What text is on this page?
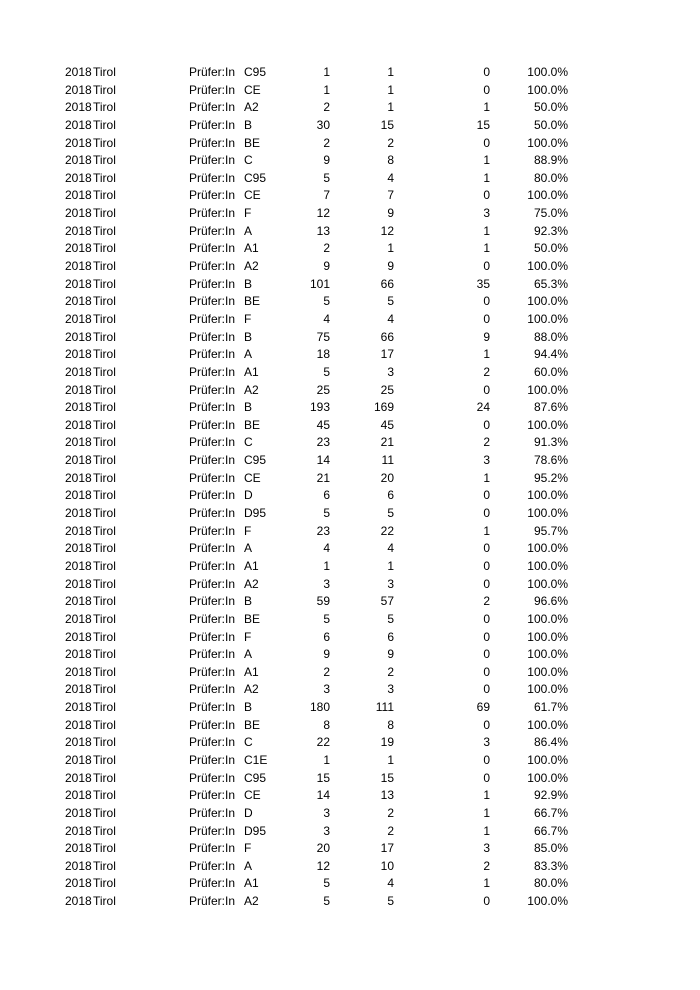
2018 Tirol	Prüfer:In C95	1	1	0	100.0%
2018 Tirol	Prüfer:In CE	1	1	0	100.0%
2018 Tirol	Prüfer:In A2	2	1	1	50.0%
2018 Tirol	Prüfer:In B	30	15	15	50.0%
2018 Tirol	Prüfer:In BE	2	2	0	100.0%
2018 Tirol	Prüfer:In C	9	8	1	88.9%
2018 Tirol	Prüfer:In C95	5	4	1	80.0%
2018 Tirol	Prüfer:In CE	7	7	0	100.0%
2018 Tirol	Prüfer:In F	12	9	3	75.0%
2018 Tirol	Prüfer:In A	13	12	1	92.3%
2018 Tirol	Prüfer:In A1	2	1	1	50.0%
2018 Tirol	Prüfer:In A2	9	9	0	100.0%
2018 Tirol	Prüfer:In B	101	66	35	65.3%
2018 Tirol	Prüfer:In BE	5	5	0	100.0%
2018 Tirol	Prüfer:In F	4	4	0	100.0%
2018 Tirol	Prüfer:In B	75	66	9	88.0%
2018 Tirol	Prüfer:In A	18	17	1	94.4%
2018 Tirol	Prüfer:In A1	5	3	2	60.0%
2018 Tirol	Prüfer:In A2	25	25	0	100.0%
2018 Tirol	Prüfer:In B	193	169	24	87.6%
2018 Tirol	Prüfer:In BE	45	45	0	100.0%
2018 Tirol	Prüfer:In C	23	21	2	91.3%
2018 Tirol	Prüfer:In C95	14	11	3	78.6%
2018 Tirol	Prüfer:In CE	21	20	1	95.2%
2018 Tirol	Prüfer:In D	6	6	0	100.0%
2018 Tirol	Prüfer:In D95	5	5	0	100.0%
2018 Tirol	Prüfer:In F	23	22	1	95.7%
2018 Tirol	Prüfer:In A	4	4	0	100.0%
2018 Tirol	Prüfer:In A1	1	1	0	100.0%
2018 Tirol	Prüfer:In A2	3	3	0	100.0%
2018 Tirol	Prüfer:In B	59	57	2	96.6%
2018 Tirol	Prüfer:In BE	5	5	0	100.0%
2018 Tirol	Prüfer:In F	6	6	0	100.0%
2018 Tirol	Prüfer:In A	9	9	0	100.0%
2018 Tirol	Prüfer:In A1	2	2	0	100.0%
2018 Tirol	Prüfer:In A2	3	3	0	100.0%
2018 Tirol	Prüfer:In B	180	111	69	61.7%
2018 Tirol	Prüfer:In BE	8	8	0	100.0%
2018 Tirol	Prüfer:In C	22	19	3	86.4%
2018 Tirol	Prüfer:In C1E	1	1	0	100.0%
2018 Tirol	Prüfer:In C95	15	15	0	100.0%
2018 Tirol	Prüfer:In CE	14	13	1	92.9%
2018 Tirol	Prüfer:In D	3	2	1	66.7%
2018 Tirol	Prüfer:In D95	3	2	1	66.7%
2018 Tirol	Prüfer:In F	20	17	3	85.0%
2018 Tirol	Prüfer:In A	12	10	2	83.3%
2018 Tirol	Prüfer:In A1	5	4	1	80.0%
2018 Tirol	Prüfer:In A2	5	5	0	100.0%
